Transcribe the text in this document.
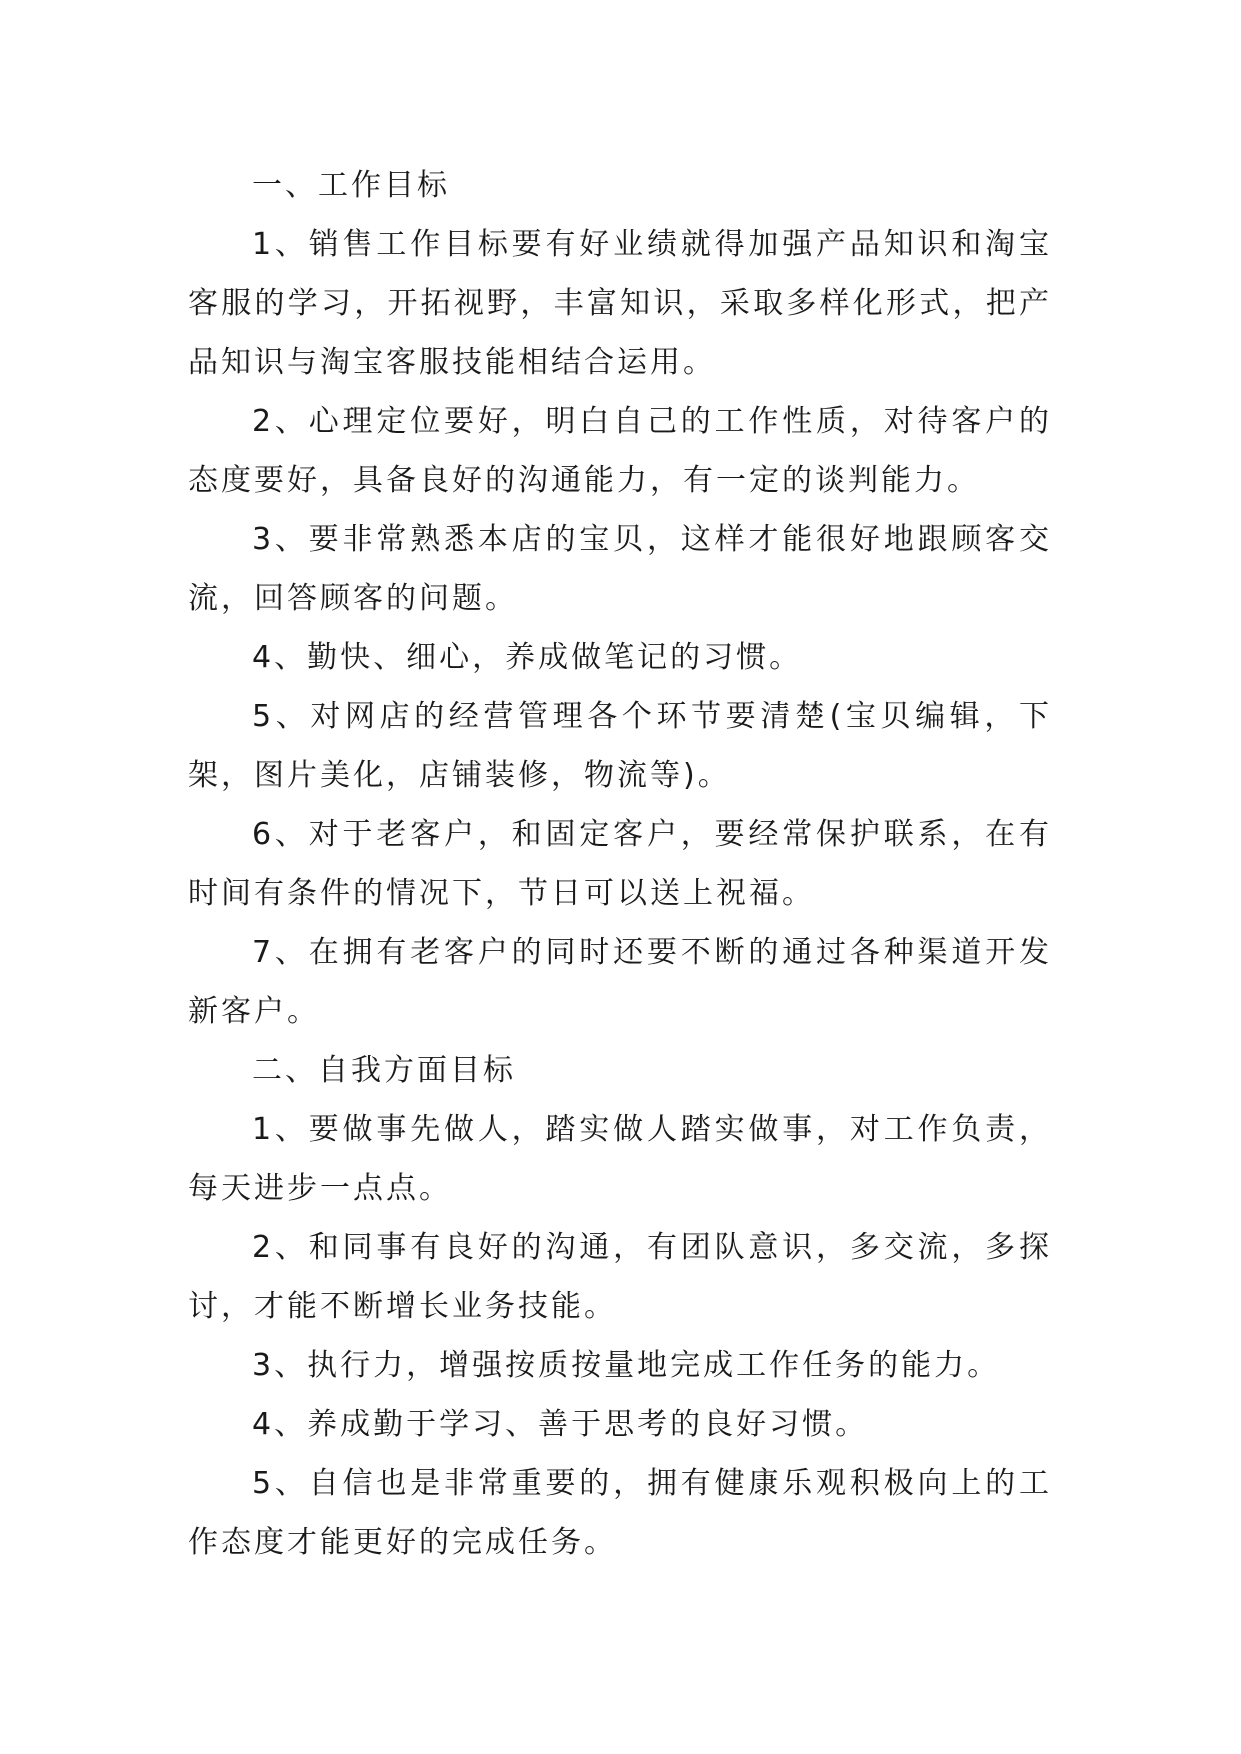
一、工作目标

1、销售工作目标要有好业绩就得加强产品知识和淘宝客服的学习，开拓视野，丰富知识，采取多样化形式，把产品知识与淘宝客服技能相结合运用。

2、心理定位要好，明白自己的工作性质，对待客户的态度要好，具备良好的沟通能力，有一定的谈判能力。

3、要非常熟悉本店的宝贝，这样才能很好地跟顾客交流，回答顾客的问题。

4、勤快、细心，养成做笔记的习惯。

5、对网店的经营管理各个环节要清楚(宝贝编辑，下架，图片美化，店铺装修，物流等)。

6、对于老客户，和固定客户，要经常保护联系，在有时间有条件的情况下，节日可以送上祝福。

7、在拥有老客户的同时还要不断的通过各种渠道开发新客户。

二、自我方面目标

1、要做事先做人，踏实做人踏实做事，对工作负责，每天进步一点点。

2、和同事有良好的沟通，有团队意识，多交流，多探讨，才能不断增长业务技能。

3、执行力，增强按质按量地完成工作任务的能力。

4、养成勤于学习、善于思考的良好习惯。

5、自信也是非常重要的，拥有健康乐观积极向上的工作态度才能更好的完成任务。
